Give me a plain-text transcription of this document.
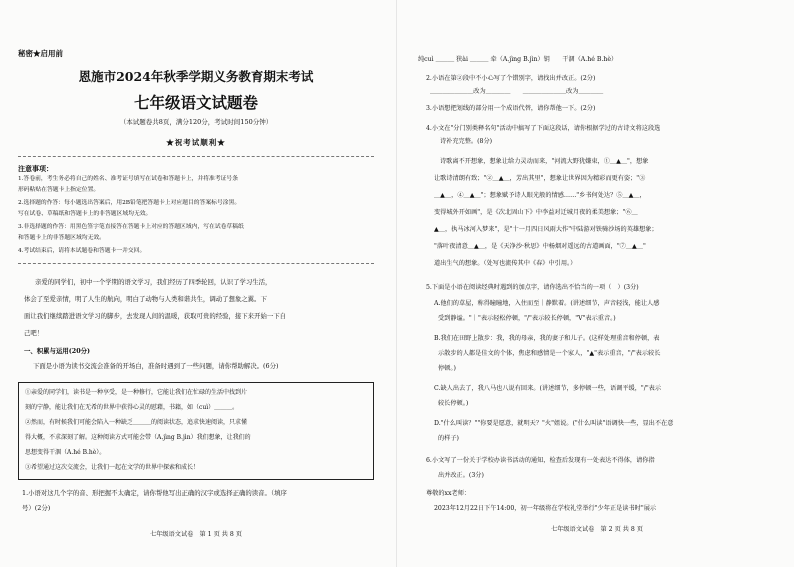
秘密★启用前
恩施市2024年秋季学期义务教育期末考试
七年级语文试题卷
（本试题卷共8页，满分120分，考试时间150分钟）
★祝考试顺利★
注意事项：
1.答卷前，考生务必将自己的姓名、准考证号填写在试卷和答题卡上，并将准考证号条
形码粘贴在答题卡上指定位置。
2.选择题的作答：每小题选出答案后，用2B铅笔把答题卡上对应题目的答案标号涂黑。
写在试卷、草稿纸和答题卡上的非答题区域均无效。
3.非选择题的作答：用黑色签字笔直接答在答题卡上对应的答题区域内，写在试卷草稿纸
和答题卡上的非答题区域均无效。
4.考试结束后，请将本试题卷和答题卡一并交回。
亲爱的同学们，初中一个学期的语文学习，我们经历了四季轮回，认识了学习生活，
体会了至爱亲情，明了人生的航向，明白了动物与人类和谐共生，调动了想象之翼。下
面让我们继续踏进语文学习的脚步，去发现人间的温暖，获取可贵的经验，接下来开始一下自
己吧！
一、积累与运用(20分)
下面是小语为读书交流会准备的开场白，准备时遇到了一些问题，请你帮助解决。(6分)
①亲爱的同学们，读书是一种享受，是一种修行，它能让我们在忙碌的生活中找到片
刻的宁静，能让我们在无希的世界中获得心灵的慰藉，书籍，如（cuì）＿＿＿。
②然而，有时候我们可能会陷入一种缺乏＿＿＿的阅读状态，追求快速阅读，只求懂
得大概，不求深刻了解。这种阅读方式可能会带（A.jìng B.jìn）我们想象，让我们的
思想变得干涸（A.hé B.hè）。
③希望通过这次交流会，让我们一起在文学的世界中探索和成长！
1.小语对这几个字的音、形把握不太确定，请你帮他写出正确的汉字或选择正确的读音。（填序
号）(2分)
七年级语文试卷　第 1 页 共 8 页
纯cuì ＿＿＿ 狭ài ＿＿＿ 牵（A.jìng B.jìn）钥　　干涸（A.hé B.hè）
2.小语在第②段中不小心写了个错别字，请找出并改正。(2分)
＿＿＿＿＿＿＿改为＿＿＿＿　　＿＿＿＿＿＿＿改为＿＿＿＿
3.小语想把划线的部分用一个成语代替，请你帮他一下。(2分)
4.小文在"分门别类释名句"活动中搞写了下面这段话，请你根据学过的古诗文将这段选
诗补充完整。(8分)
诗歌离不开想象，想象让给力灵动而来，"河流大野犹嫌束，①＿▲＿"，想象
让歌诗清朗有致；"②＿▲＿，芳出其里"，想象让世界因为精彩而更有姿；"③
＿▲＿，④＿▲＿"；想象赋予诗人眼光般的情感……"乡书何处达？⑤＿▲＿，
变得城外开如画"，是《次北固山下》中李益对迁城月夜的柔美想象；"⑥＿
▲＿，执马冰河入梦来"，是"十一月四日风雨大作"中陆游对铁骑沙场的英雄想象；
"落叶夜清意＿▲＿，是《天净沙·秋思》中杨烟对遥远的古道画面，"⑦＿▲＿"
道出生气的想象。（处写也流传其中《春》中引用。）
5.下面是小语在阅读经典时遇到的加点字，请你选出不恰当的一项（　）(3分)
A.他们的草屋，称得瞳瞳地，入住而至｜静默着。(讲述细节，声音轻浅，能让人感
受到静谧。"｜"表示轻松停顿，"/"表示较长停顿，"V"表示重音。)
B.我们在田野上散步：我，我的母亲，我的妻子和儿子。(这样处理重音和停顿，表
示散步的人都是佳文的个体，焦虑和感情是一个家人，"▲"表示重音，"/"表示较长
停顿。)
C.缺人出去了，我八马也八说有回来。(讲述细节，多停顿一些，语调平缓，"/"表示
较长停顿。)
D."什么叫读？""你要是愿意，就明天？"火"姐说。("什么叫读"语调快一些，显出不在意
的样子)
6.小文写了一份关于学校办读书活动的通知，检查后发现有一处表达不得体，请你指
出并改正。(3分)
尊敬的xx老师：
2023年12月22日下午14:00，初一年级将在学校礼堂举行"少年正是读书时"展示
七年级语文试卷　第 2 页 共 8 页
